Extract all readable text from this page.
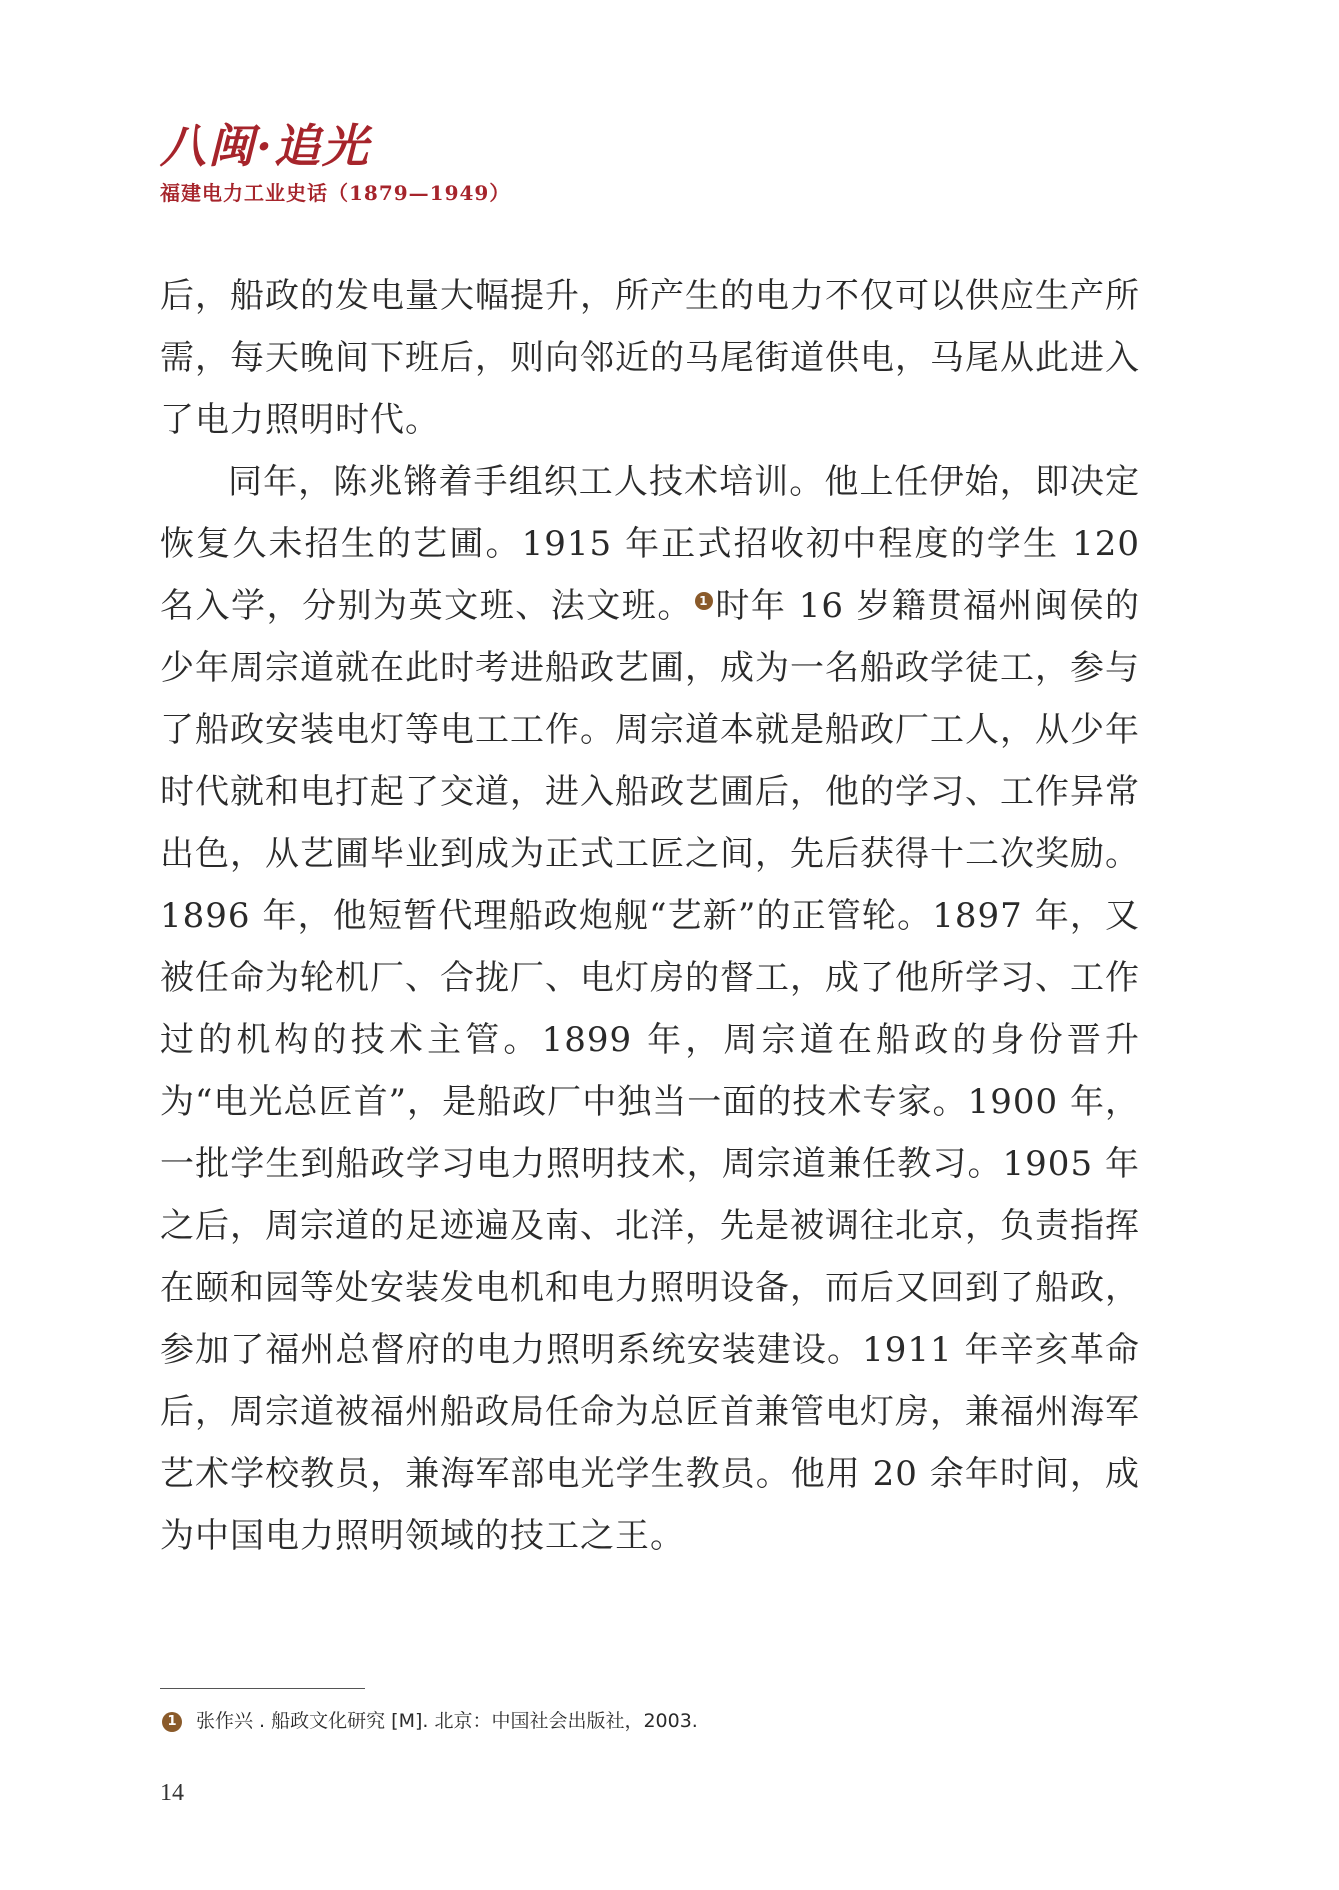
八闽·追光
福建电力工业史话（1879—1949）

后，船政的发电量大幅提升，所产生的电力不仅可以供应生产所需，每天晚间下班后，则向邻近的马尾街道供电，马尾从此进入了电力照明时代。

同年，陈兆锵着手组织工人技术培训。他上任伊始，即决定恢复久未招生的艺圃。1915 年正式招收初中程度的学生 120 名入学，分别为英文班、法文班。 1 时年 16 岁籍贯福州闽侯的少年周宗道就在此时考进船政艺圃，成为一名船政学徒工，参与了船政安装电灯等电工工作。周宗道本就是船政厂工人，从少年时代就和电打起了交道，进入船政艺圃后，他的学习、工作异常出色，从艺圃毕业到成为正式工匠之间，先后获得十二次奖励。1896 年，他短暂代理船政炮舰“艺新”的正管轮。1897 年，又被任命为轮机厂、合拢厂、电灯房的督工，成了他所学习、工作过的机构的技术主管。1899 年，周宗道在船政的身份晋升为“电光总匠首”，是船政厂中独当一面的技术专家。1900 年，一批学生到船政学习电力照明技术，周宗道兼任教习。1905 年之后，周宗道的足迹遍及南、北洋，先是被调往北京，负责指挥在颐和园等处安装发电机和电力照明设备，而后又回到了船政，参加了福州总督府的电力照明系统安装建设。1911 年辛亥革命后，周宗道被福州船政局任命为总匠首兼管电灯房，兼福州海军艺术学校教员，兼海军部电光学生教员。他用 20 余年时间，成为中国电力照明领域的技工之王。

1 张作兴 . 船政文化研究 [M]. 北京：中国社会出版社，2003.
14
